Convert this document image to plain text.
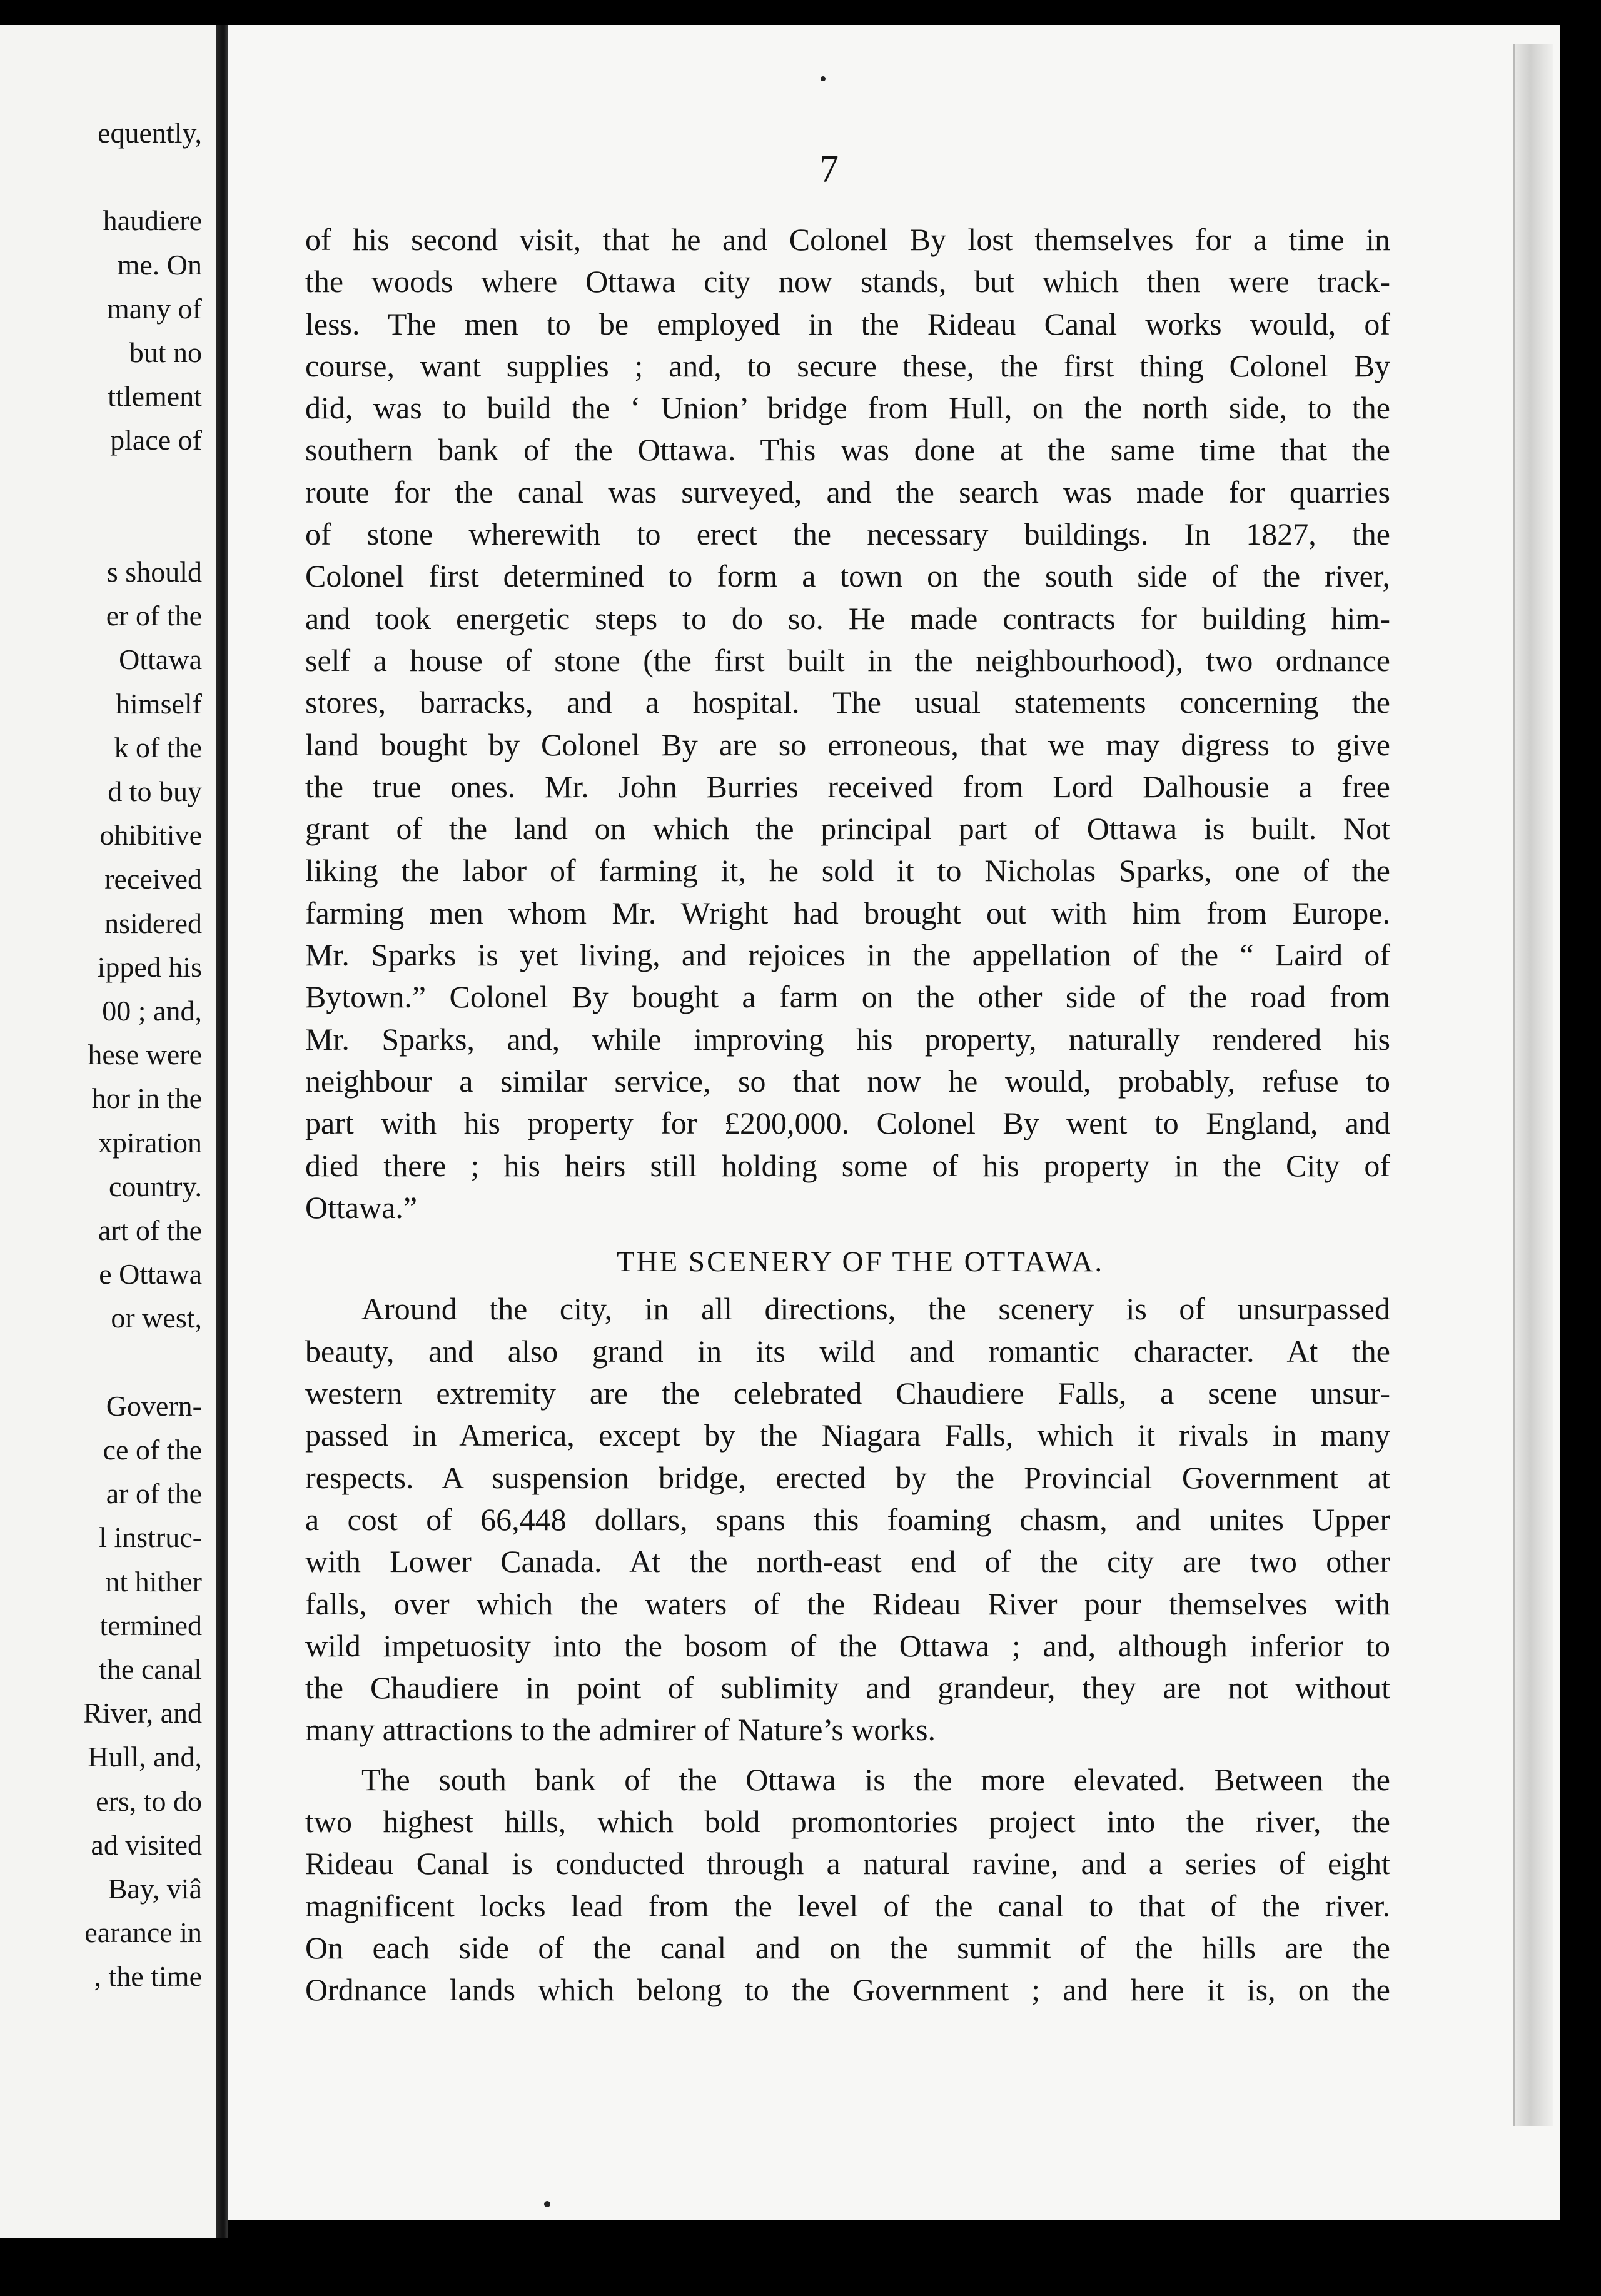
equently,
haudiere
me. On
many of
but no
ttlement
place of
s should
er of the
Ottawa
himself
k of the
d to buy
ohibitive
received
nsidered
ipped his
00 ; and,
hese were
hor in the
xpiration
country.
art of the
e Ottawa
or west,
Govern-
ce of the
ar of the
l instruc-
nt hither
termined
the canal
River, and
Hull, and,
ers, to do
ad visited
Bay, viâ
earance in
, the time
7
of his second visit, that he and Colonel By lost themselves for a time in
the woods where Ottawa city now stands, but which then were track-
less. The men to be employed in the Rideau Canal works would, of
course, want supplies ; and, to secure these, the first thing Colonel By
did, was to build the ‘ Union’ bridge from Hull, on the north side, to the
southern bank of the Ottawa. This was done at the same time that the
route for the canal was surveyed, and the search was made for quarries
of stone wherewith to erect the necessary buildings. In 1827, the
Colonel first determined to form a town on the south side of the river,
and took energetic steps to do so. He made contracts for building him-
self a house of stone (the first built in the neighbourhood), two ordnance
stores, barracks, and a hospital. The usual statements concerning the
land bought by Colonel By are so erroneous, that we may digress to give
the true ones. Mr. John Burries received from Lord Dalhousie a free
grant of the land on which the principal part of Ottawa is built. Not
liking the labor of farming it, he sold it to Nicholas Sparks, one of the
farming men whom Mr. Wright had brought out with him from Europe.
Mr. Sparks is yet living, and rejoices in the appellation of the “ Laird of
Bytown.” Colonel By bought a farm on the other side of the road from
Mr. Sparks, and, while improving his property, naturally rendered his
neighbour a similar service, so that now he would, probably, refuse to
part with his property for £200,000. Colonel By went to England, and
died there ; his heirs still holding some of his property in the City of
Ottawa.”
THE SCENERY OF THE OTTAWA.
Around the city, in all directions, the scenery is of unsurpassed
beauty, and also grand in its wild and romantic character. At the
western extremity are the celebrated Chaudiere Falls, a scene unsur-
passed in America, except by the Niagara Falls, which it rivals in many
respects. A suspension bridge, erected by the Provincial Government at
a cost of 66,448 dollars, spans this foaming chasm, and unites Upper
with Lower Canada. At the north-east end of the city are two other
falls, over which the waters of the Rideau River pour themselves with
wild impetuosity into the bosom of the Ottawa ; and, although inferior to
the Chaudiere in point of sublimity and grandeur, they are not without
many attractions to the admirer of Nature’s works.
The south bank of the Ottawa is the more elevated. Between the
two highest hills, which bold promontories project into the river, the
Rideau Canal is conducted through a natural ravine, and a series of eight
magnificent locks lead from the level of the canal to that of the river.
On each side of the canal and on the summit of the hills are the
Ordnance lands which belong to the Government ; and here it is, on the
